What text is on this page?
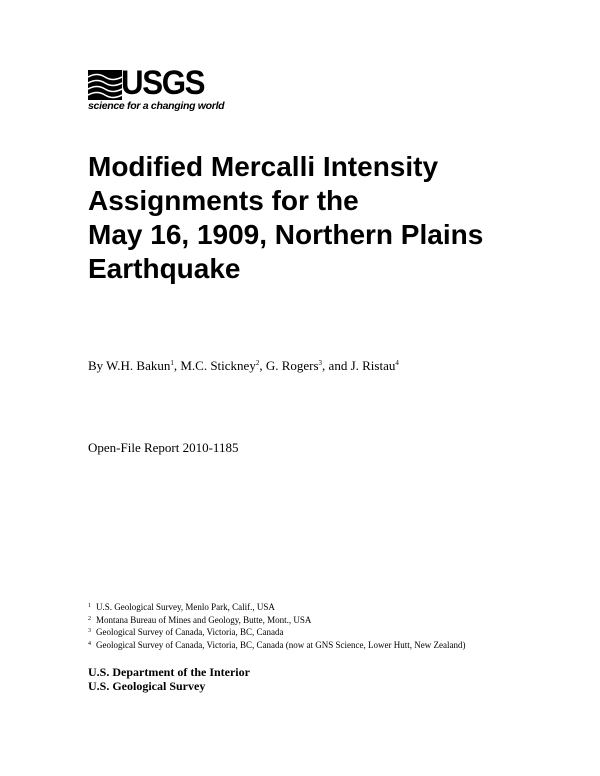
USGS
science for a changing world
Modified Mercalli Intensity
Assignments for the
May 16, 1909, Northern Plains
Earthquake
By W.H. Bakun$^1$, M.C. Stickney$^2$, G. Rogers$^3$, and J. Ristau$^4$
Open-File Report 2010-1185
1 U.S. Geological Survey, Menlo Park, Calif., USA
2 Montana Bureau of Mines and Geology, Butte, Mont., USA
3 Geological Survey of Canada, Victoria, BC, Canada
4 Geological Survey of Canada, Victoria, BC, Canada (now at GNS Science, Lower Hutt, New Zealand)
U.S. Department of the Interior
U.S. Geological Survey
